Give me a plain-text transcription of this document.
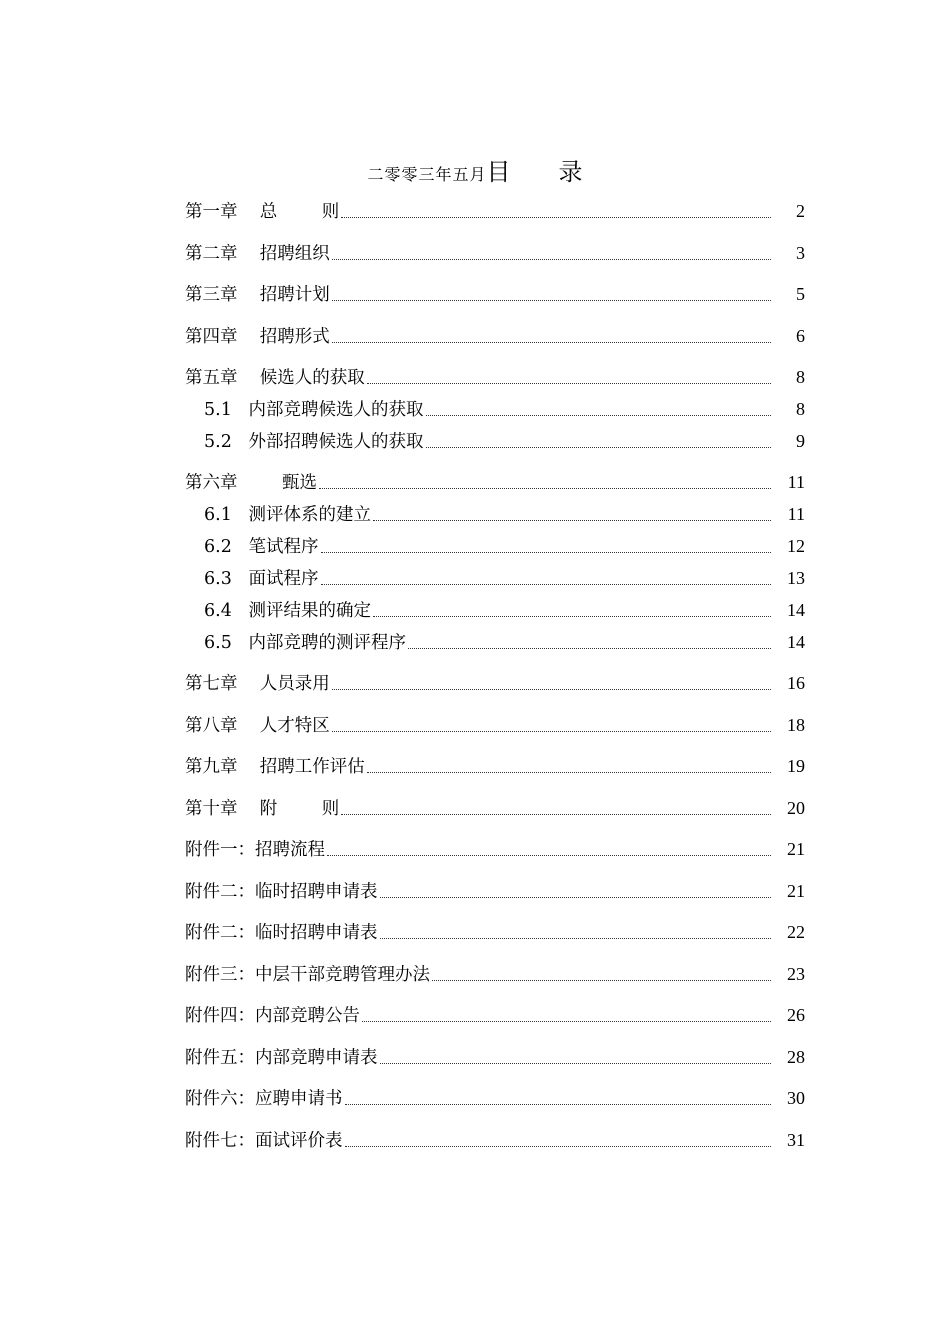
二零零三年五月目 录
第一章    总        则	2
第二章    招聘组织	3
第三章    招聘计划	5
第四章    招聘形式	6
第五章    候选人的获取	8
5.1   内部竞聘候选人的获取	8
5.2   外部招聘候选人的获取	9
第六章        甄选	11
6.1   测评体系的建立	11
6.2   笔试程序	12
6.3   面试程序	13
6.4   测评结果的确定	14
6.5   内部竞聘的测评程序	14
第七章    人员录用	16
第八章    人才特区	18
第九章    招聘工作评估	19
第十章    附        则	20
附件一：招聘流程	21
附件二：临时招聘申请表	21
附件二：临时招聘申请表	22
附件三：中层干部竞聘管理办法	23
附件四：内部竞聘公告	26
附件五：内部竞聘申请表	28
附件六：应聘申请书	30
附件七：面试评价表	31
